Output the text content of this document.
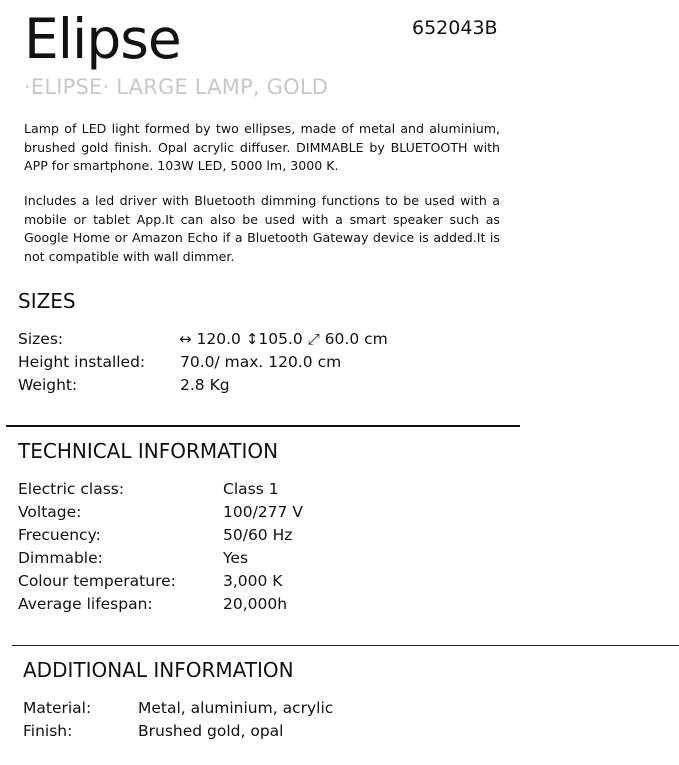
Elipse	652043B
·ELIPSE· LARGE LAMP, GOLD

Lamp of LED light formed by two ellipses, made of metal and aluminium, brushed gold finish. Opal acrylic diffuser. DIMMABLE by BLUETOOTH with APP for smartphone. 103W LED, 5000 lm, 3000 K.

Includes a led driver with Bluetooth dimming functions to be used with a mobile or tablet App.It can also be used with a smart speaker such as Google Home or Amazon Echo if a Bluetooth Gateway device is added.It is not compatible with wall dimmer.

SIZES
Sizes:	↔ 120.0 ↕105.0 ⤢ 60.0 cm
Height installed: 70.0/ max. 120.0 cm
Weight:	2.8 Kg
TECHNICAL INFORMATION
Electric class:	Class 1
Voltage:	100/277 V
Frecuency:	50/60 Hz
Dimmable:	Yes
Colour temperature:	3,000 K
Average lifespan:	20,000h
ADDITIONAL INFORMATION
Material:	Metal, aluminium, acrylic
Finish:	Brushed gold, opal
